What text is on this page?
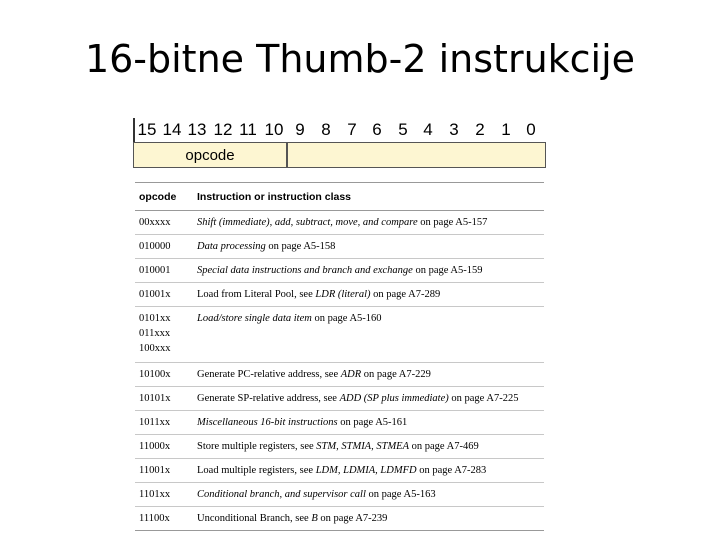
16-bitne Thumb-2 instrukcije
15 14 13 12 11 10 9 8 7 6 5 4 3 2 1 0
opcode
opcode	Instruction or instruction class
00xxxx	Shift (immediate), add, subtract, move, and compare on page A5-157
010000	Data processing on page A5-158
010001	Special data instructions and branch and exchange on page A5-159
01001x	Load from Literal Pool, see LDR (literal) on page A7-289

0101xx
011xxx
100xxx	Load/store single data item on page A5-160
10100x	Generate PC-relative address, see ADR on page A7-229
10101x	Generate SP-relative address, see ADD (SP plus immediate) on page A7-225
1011xx	Miscellaneous 16-bit instructions on page A5-161
11000x	Store multiple registers, see STM, STMIA, STMEA on page A7-469
11001x	Load multiple registers, see LDM, LDMIA, LDMFD on page A7-283
1101xx	Conditional branch, and supervisor call on page A5-163
11100x	Unconditional Branch, see B on page A7-239
